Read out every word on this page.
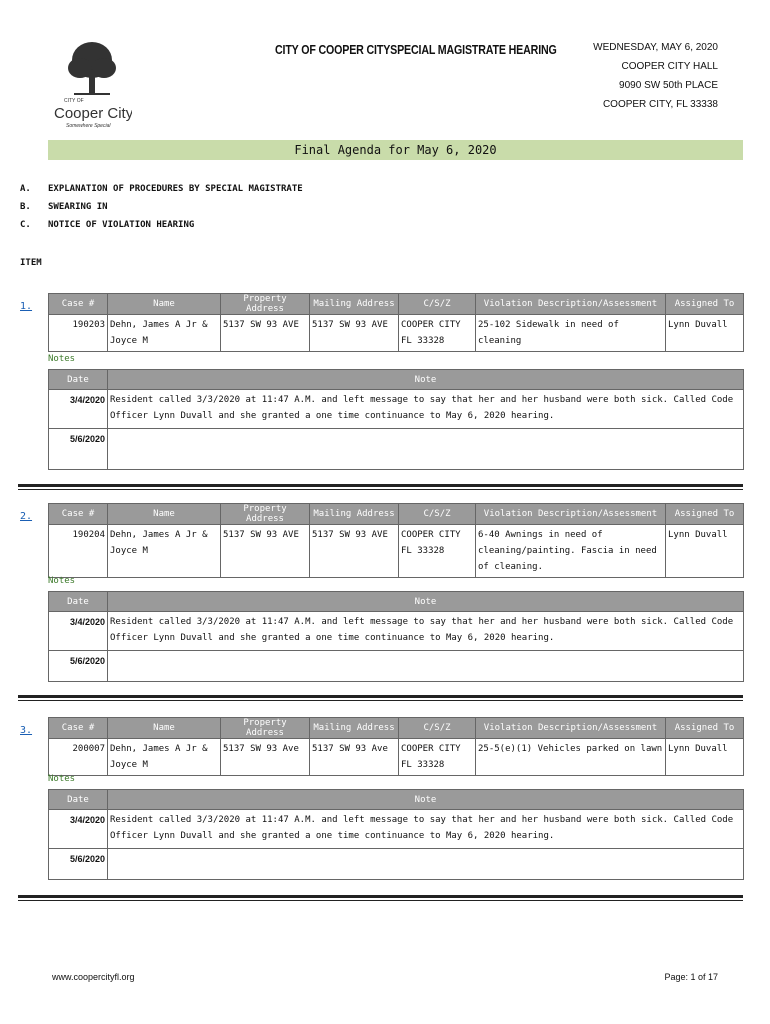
CITY OF
Cooper City
Somewhere Special
CITY OF COOPER CITYSPECIAL MAGISTRATE HEARING	WEDNESDAY, MAY 6, 2020
COOPER CITY HALL
9090 SW 50th PLACE
COOPER CITY, FL 33338
Final Agenda for May 6, 2020
A.	EXPLANATION OF PROCEDURES BY SPECIAL MAGISTRATE
B.	SWEARING IN
C.	NOTICE OF VIOLATION HEARING
ITEM
1.	Case #	Name	Property Address	Mailing Address	C/S/Z	Violation Description/Assessment	Assigned To
190203	Dehn, James A Jr & Joyce M	5137 SW 93 AVE	5137 SW 93 AVE	COOPER CITY FL 33328	25-102 Sidewalk in need of cleaning	Lynn Duvall
Notes
Date	Note
3/4/2020	Resident called 3/3/2020 at 11:47 A.M. and left message to say that her and her husband were both sick. Called Code Officer Lynn Duvall and she granted a one time continuance to May 6, 2020 hearing.
5/6/2020	
2.	Case #	Name	Property Address	Mailing Address	C/S/Z	Violation Description/Assessment	Assigned To
190204	Dehn, James A Jr & Joyce M	5137 SW 93 AVE	5137 SW 93 AVE	COOPER CITY FL 33328	6-40 Awnings in need of cleaning/painting. Fascia in need of cleaning.	Lynn Duvall
Notes
Date	Note
3/4/2020	Resident called 3/3/2020 at 11:47 A.M. and left message to say that her and her husband were both sick. Called Code Officer Lynn Duvall and she granted a one time continuance to May 6, 2020 hearing.
5/6/2020	
3.	Case #	Name	Property Address	Mailing Address	C/S/Z	Violation Description/Assessment	Assigned To
200007	Dehn, James A Jr & Joyce M	5137 SW 93 Ave	5137 SW 93 Ave	COOPER CITY FL 33328	25-5(e)(1) Vehicles parked on lawn	Lynn Duvall
Notes
Date	Note
3/4/2020	Resident called 3/3/2020 at 11:47 A.M. and left message to say that her and her husband were both sick. Called Code Officer Lynn Duvall and she granted a one time continuance to May 6, 2020 hearing.
5/6/2020	
www.coopercityfl.org	Page: 1 of 17
